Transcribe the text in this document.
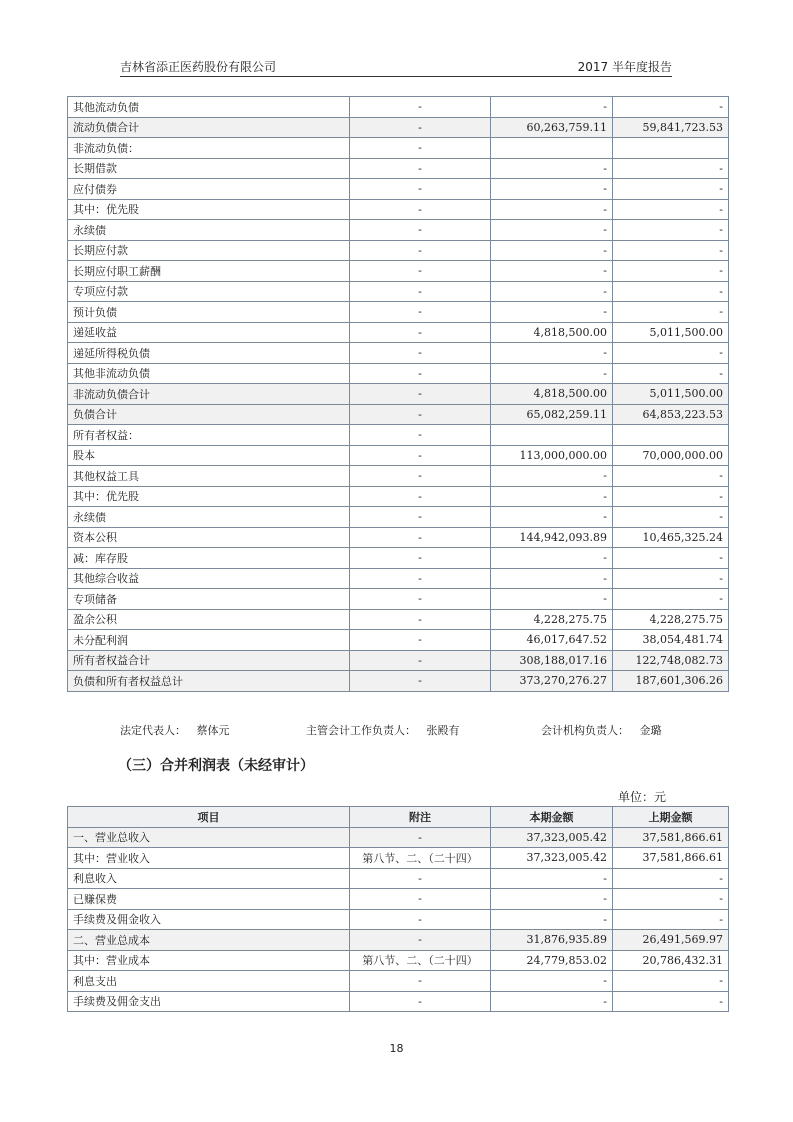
吉林省添正医药股份有限公司	2017 半年度报告
其他流动负债	-	-	-
流动负债合计	-	60,263,759.11	59,841,723.53
非流动负债：	-		
长期借款	-	-	-
应付债券	-	-	-
其中：优先股	-	-	-
永续债	-	-	-
长期应付款	-	-	-
长期应付职工薪酬	-	-	-
专项应付款	-	-	-
预计负债	-	-	-
递延收益	-	4,818,500.00	5,011,500.00
递延所得税负债	-	-	-
其他非流动负债	-	-	-
非流动负债合计	-	4,818,500.00	5,011,500.00
负债合计	-	65,082,259.11	64,853,223.53
所有者权益：	-		
股本	-	113,000,000.00	70,000,000.00
其他权益工具	-	-	-
其中：优先股	-	-	-
永续债	-	-	-
资本公积	-	144,942,093.89	10,465,325.24
减：库存股	-	-	-
其他综合收益	-	-	-
专项储备	-	-	-
盈余公积	-	4,228,275.75	4,228,275.75
未分配利润	-	46,017,647.52	38,054,481.74
所有者权益合计	-	308,188,017.16	122,748,082.73
负债和所有者权益总计	-	373,270,276.27	187,601,306.26
法定代表人：   蔡体元	主管会计工作负责人：   张殿有	会计机构负责人：   金璐
（三）合并利润表（未经审计）
单位：元
项目	附注	本期金额	上期金额
一、营业总收入	-	37,323,005.42	37,581,866.61
其中：营业收入	第八节、二、（二十四）	37,323,005.42	37,581,866.61
利息收入	-	-	-
已赚保费	-	-	-
手续费及佣金收入	-	-	-
二、营业总成本	-	31,876,935.89	26,491,569.97
其中：营业成本	第八节、二、（二十四）	24,779,853.02	20,786,432.31
利息支出	-	-	-
手续费及佣金支出	-	-	-
18
